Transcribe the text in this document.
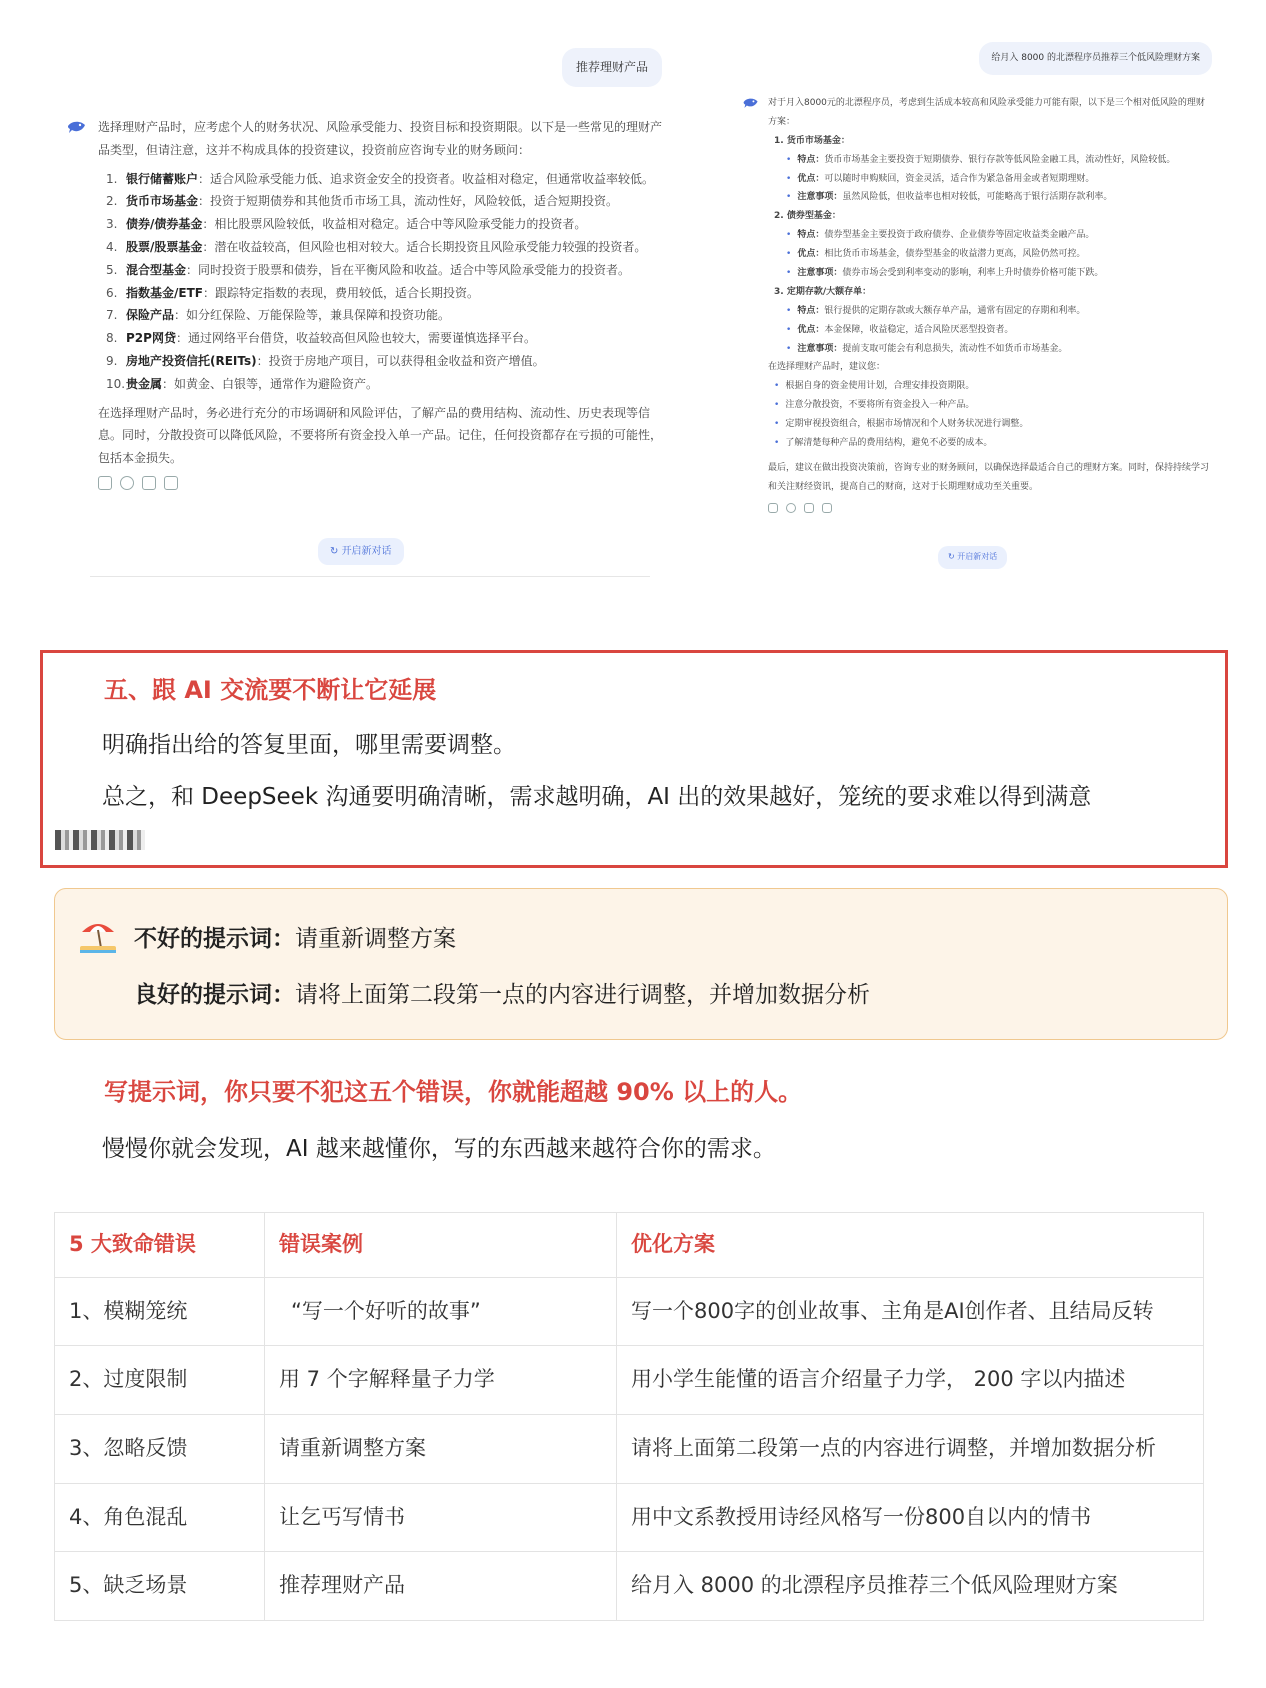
推荐理财产品
选择理财产品时，应考虑个人的财务状况、风险承受能力、投资目标和投资期限。以下是一些常见的理财产品类型，但请注意，这并不构成具体的投资建议，投资前应咨询专业的财务顾问：
1. 银行储蓄账户：适合风险承受能力低、追求资金安全的投资者。收益相对稳定，但通常收益率较低。
2. 货币市场基金：投资于短期债券和其他货币市场工具，流动性好，风险较低，适合短期投资。
3. 债券/债券基金：相比股票风险较低，收益相对稳定。适合中等风险承受能力的投资者。
4. 股票/股票基金：潜在收益较高，但风险也相对较大。适合长期投资且风险承受能力较强的投资者。
5. 混合型基金：同时投资于股票和债券，旨在平衡风险和收益。适合中等风险承受能力的投资者。
6. 指数基金/ETF：跟踪特定指数的表现，费用较低，适合长期投资。
7. 保险产品：如分红保险、万能保险等，兼具保障和投资功能。
8. P2P网贷：通过网络平台借贷，收益较高但风险也较大，需要谨慎选择平台。
9. 房地产投资信托(REITs)：投资于房地产项目，可以获得租金收益和资产增值。
10. 贵金属：如黄金、白银等，通常作为避险资产。
在选择理财产品时，务必进行充分的市场调研和风险评估，了解产品的费用结构、流动性、历史表现等信息。同时，分散投资可以降低风险，不要将所有资金投入单一产品。记住，任何投资都存在亏损的可能性，包括本金损失。
↻ 开启新对话
给月入 8000 的北漂程序员推荐三个低风险理财方案
对于月入8000元的北漂程序员，考虑到生活成本较高和风险承受能力可能有限，以下是三个相对低风险的理财方案：
1. 货币市场基金：
• 特点：货币市场基金主要投资于短期债券、银行存款等低风险金融工具，流动性好，风险较低。
• 优点：可以随时申购赎回，资金灵活，适合作为紧急备用金或者短期理财。
• 注意事项：虽然风险低，但收益率也相对较低，可能略高于银行活期存款利率。
2. 债券型基金：
• 特点：债券型基金主要投资于政府债券、企业债券等固定收益类金融产品。
• 优点：相比货币市场基金，债券型基金的收益潜力更高，风险仍然可控。
• 注意事项：债券市场会受到利率变动的影响，利率上升时债券价格可能下跌。
3. 定期存款/大额存单：
• 特点：银行提供的定期存款或大额存单产品，通常有固定的存期和利率。
• 优点：本金保障，收益稳定，适合风险厌恶型投资者。
• 注意事项：提前支取可能会有利息损失，流动性不如货币市场基金。
在选择理财产品时，建议您：
• 根据自身的资金使用计划，合理安排投资期限。
• 注意分散投资，不要将所有资金投入一种产品。
• 定期审视投资组合，根据市场情况和个人财务状况进行调整。
• 了解清楚每种产品的费用结构，避免不必要的成本。
最后，建议在做出投资决策前，咨询专业的财务顾问，以确保选择最适合自己的理财方案。同时，保持持续学习和关注财经资讯，提高自己的财商，这对于长期理财成功至关重要。
↻ 开启新对话
五、跟 AI 交流要不断让它延展
明确指出给的答复里面，哪里需要调整。
总之，和 DeepSeek 沟通要明确清晰，需求越明确，AI 出的效果越好，笼统的要求难以得到满意
不好的提示词：请重新调整方案
良好的提示词：请将上面第二段第一点的内容进行调整，并增加数据分析
写提示词，你只要不犯这五个错误，你就能超越 90% 以上的人。
慢慢你就会发现，AI 越来越懂你，写的东西越来越符合你的需求。
5 大致命错误	错误案例	优化方案
1、模糊笼统	“写一个好听的故事”	写一个800字的创业故事、主角是AI创作者、且结局反转
2、过度限制	用 7 个字解释量子力学	用小学生能懂的语言介绍量子力学， 200 字以内描述
3、忽略反馈	请重新调整方案	请将上面第二段第一点的内容进行调整，并增加数据分析
4、角色混乱	让乞丐写情书	用中文系教授用诗经风格写一份800自以内的情书
5、缺乏场景	推荐理财产品	给月入 8000 的北漂程序员推荐三个低风险理财方案
